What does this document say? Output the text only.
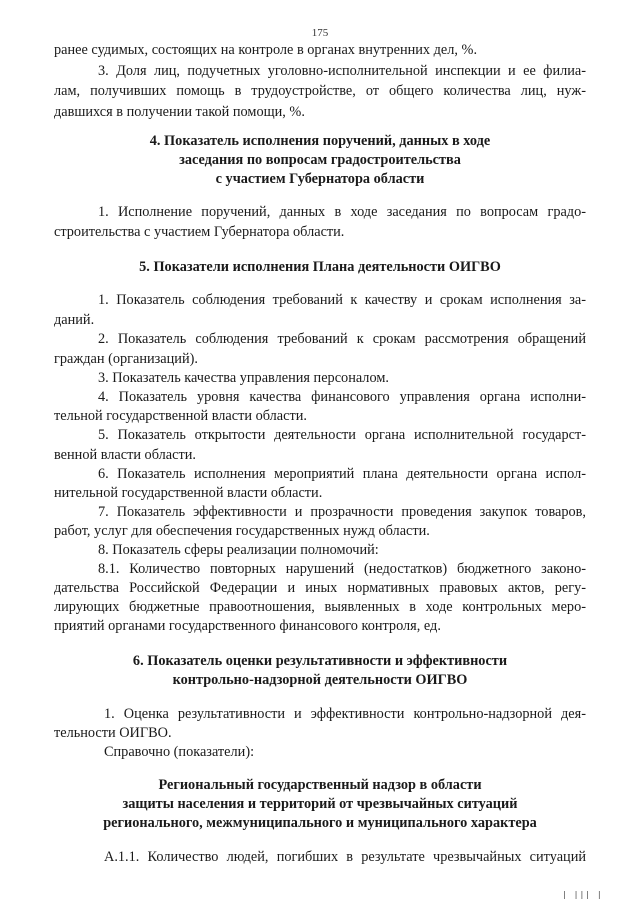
175
ранее судимых, состоящих на контроле в органах внутренних дел, %.
3. Доля лиц, подучетных уголовно-исполнительной инспекции и ее филиа-
лам, получивших помощь в трудоустройстве, от общего количества лиц, нуж-
давшихся в получении такой помощи, %.
4. Показатель исполнения поручений, данных в ходе
заседания по вопросам градостроительства
с участием Губернатора области
1. Исполнение поручений, данных в ходе заседания по вопросам градо-
строительства с участием Губернатора области.
5. Показатели исполнения Плана деятельности ОИГВО
1. Показатель соблюдения требований к качеству и срокам исполнения за-
даний.
2. Показатель соблюдения требований к срокам рассмотрения обращений
граждан (организаций).
3. Показатель качества управления персоналом.
4. Показатель уровня качества финансового управления органа исполни-
тельной государственной власти области.
5. Показатель открытости деятельности органа исполнительной государст-
венной власти области.
6. Показатель исполнения мероприятий плана деятельности органа испол-
нительной государственной власти области.
7. Показатель эффективности и прозрачности проведения закупок товаров,
работ, услуг для обеспечения государственных нужд области.
8. Показатель сферы реализации полномочий:
8.1. Количество повторных нарушений (недостатков) бюджетного законо-
дательства Российской Федерации и иных нормативных правовых актов, регу-
лирующих бюджетные правоотношения, выявленных в ходе контрольных меро-
приятий органами государственного финансового контроля, ед.
6. Показатель оценки результативности и эффективности
контрольно-надзорной деятельности ОИГВО
1. Оценка результативности и эффективности контрольно-надзорной дея-
тельности ОИГВО.
Справочно (показатели):
Региональный государственный надзор в области
защиты населения и территорий от чрезвычайных ситуаций
регионального, межмуниципального и муниципального характера
А.1.1. Количество людей, погибших в результате чрезвычайных ситуаций
| ||| |
